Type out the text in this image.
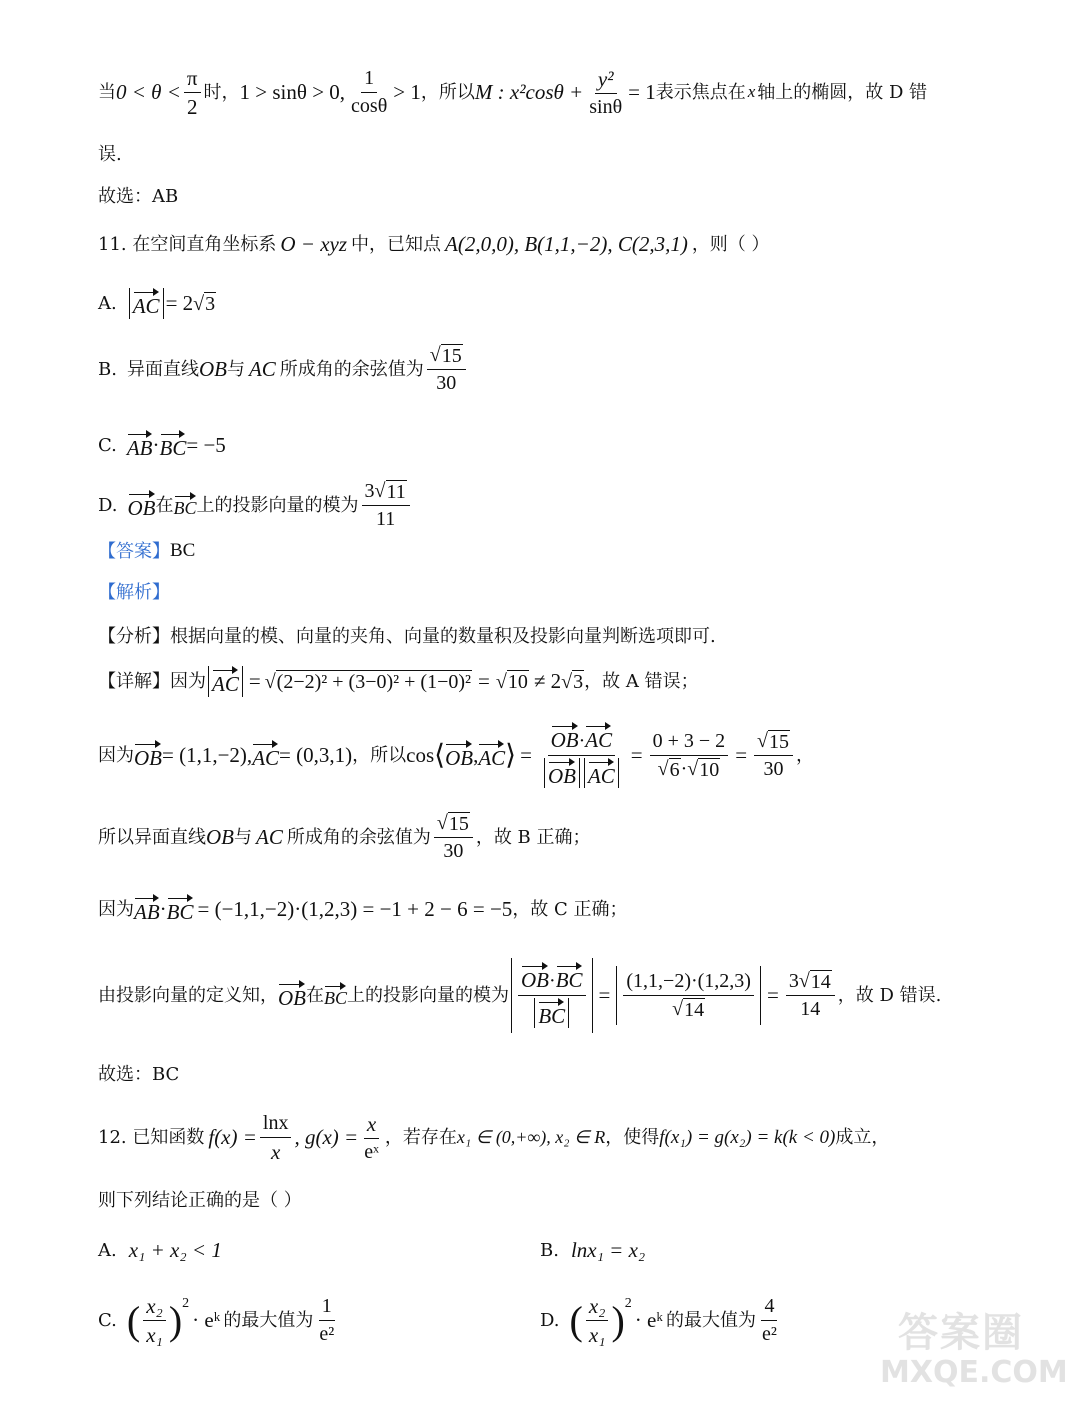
当 $0 < \theta < \frac{\pi}{2}$ 时， 1 > sinθ > 0, $\frac{1}{\cos\theta} > 1$ ，所以 M : $x^2\cos\theta + \frac{\text{y²}}{\sin\theta} = 1$ 表示焦点在 x 轴上的椭圆，故 D 错
误.
故选：AB
11. 在空间直角坐标系 O − xyz 中，已知点 A(2,0,0), B(1,1,−2), C(2,3,1) ，则（ ）
A. AC = 2 √ 3
B. 异面直线 OB 与 AC 所成角的余弦值为 $\frac{√ 15}{30}$
C. AB · BC = −5
D. OB 在 BC 上的投影向量的模为 $\frac{3√ 11}{11}$
【答案】 BC
【解析】
【分析】根据向量的模、向量的夹角、向量的数量积及投影向量判断选项即可.
【详解】因为 AC = √ (2−2)² + (3−0)² + (1−0)² = √ 10 ≠ 2 √ 3 ，故 A 错误；
因为 OB = (1,1,−2), AC = (0,3,1) ，所以 cos ⟨ OB , AC ⟩ = $\frac{OB\cdot AC}{\text{OB AC}} = \frac{0 + 3 - 2}{√ 6 \cdot√ 10} = \frac{√ 15}{30}$ ，
所以异面直线 OB 与 AC 所成角的余弦值为 $\frac{√ 15}{30}$ ，故 B 正确；
因为 AB · BC = (−1,1,−2)·(1,2,3) = −1 + 2 − 6 = −5 ，故 C 正确；
由投影向量的定义知， OB 在 BC 上的投影向量的模为 $\frac{OB\cdot BC}{BC} = \frac{(1,1,-2)\cdot(1,2,3)}{√ 14} = \frac{3√ 14}{14}$ ，故 D 错误.
故选：BC
12. 已知函数 $f(x) = \frac{\ln x}{x}$ , $g(x) = \frac{x}{\text{eˣ}}$ ，若存在 x₁ ∈ (0,+∞), x₂ ∈ R ，使得 f(x₁) = g(x₂) = k(k < 0) 成立，
则下列结论正确的是（ ）
A. x₁ + x₂ < 1	B. lnx₁ = x₂
C. ( $\frac{\text{x₂}}{\text{x₁}}$ ) 2
· eᵏ 的最大值为 $\frac{1}{\text{e²}}$	D. ( $\frac{\text{x₂}}{\text{x₁}}$ ) 2
· eᵏ 的最大值为 $\frac{4}{\text{e²}}$	答案圈
MXQE.COM
